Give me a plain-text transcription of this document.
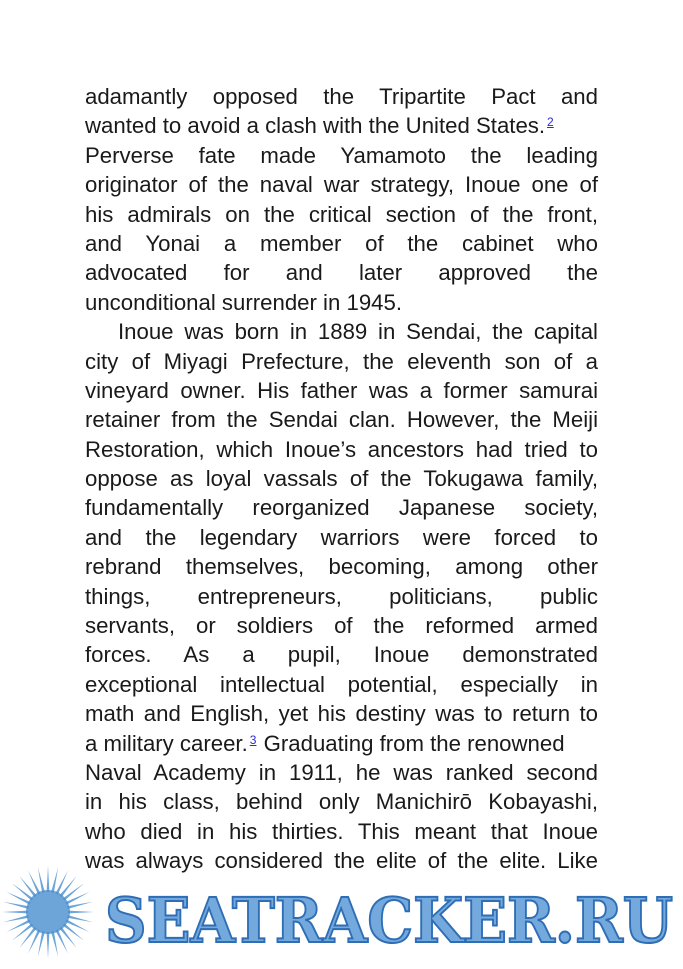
adamantly opposed the Tripartite Pact and
wanted to avoid a clash with the United States. $^2$
Perverse fate made Yamamoto the leading
originator of the naval war strategy, Inoue one of
his admirals on the critical section of the front,
and Yonai a member of the cabinet who
advocated for and later approved the
unconditional surrender in 1945.
Inoue was born in 1889 in Sendai, the capital
city of Miyagi Prefecture, the eleventh son of a
vineyard owner. His father was a former samurai
retainer from the Sendai clan. However, the Meiji
Restoration, which Inoue’s ancestors had tried to
oppose as loyal vassals of the Tokugawa family,
fundamentally reorganized Japanese society,
and the legendary warriors were forced to
rebrand themselves, becoming, among other
things, entrepreneurs, politicians, public
servants, or soldiers of the reformed armed
forces. As a pupil, Inoue demonstrated
exceptional intellectual potential, especially in
math and English, yet his destiny was to return to
a military career. $^3$ Graduating from the renowned
Naval Academy in 1911, he was ranked second
in his class, behind only Manichirō Kobayashi,
who died in his thirties. This meant that Inoue
was always considered the elite of the elite. Like
SEATRACKER.RU
